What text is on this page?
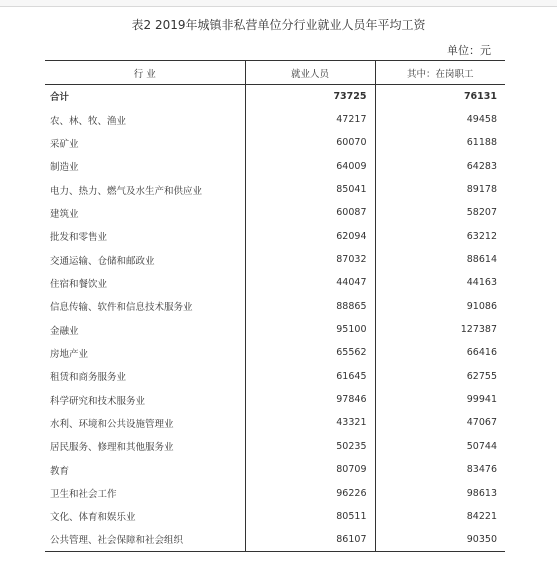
表2 2019年城镇非私营单位分行业就业人员年平均工资
单位：元
行 业	就业人员	其中：在岗职工
合计	73725	76131
农、林、牧、渔业	47217	49458
采矿业	60070	61188
制造业	64009	64283
电力、热力、燃气及水生产和供应业	85041	89178
建筑业	60087	58207
批发和零售业	62094	63212
交通运输、仓储和邮政业	87032	88614
住宿和餐饮业	44047	44163
信息传输、软件和信息技术服务业	88865	91086
金融业	95100	127387
房地产业	65562	66416
租赁和商务服务业	61645	62755
科学研究和技术服务业	97846	99941
水利、环境和公共设施管理业	43321	47067
居民服务、修理和其他服务业	50235	50744
教育	80709	83476
卫生和社会工作	96226	98613
文化、体育和娱乐业	80511	84221
公共管理、社会保障和社会组织	86107	90350
